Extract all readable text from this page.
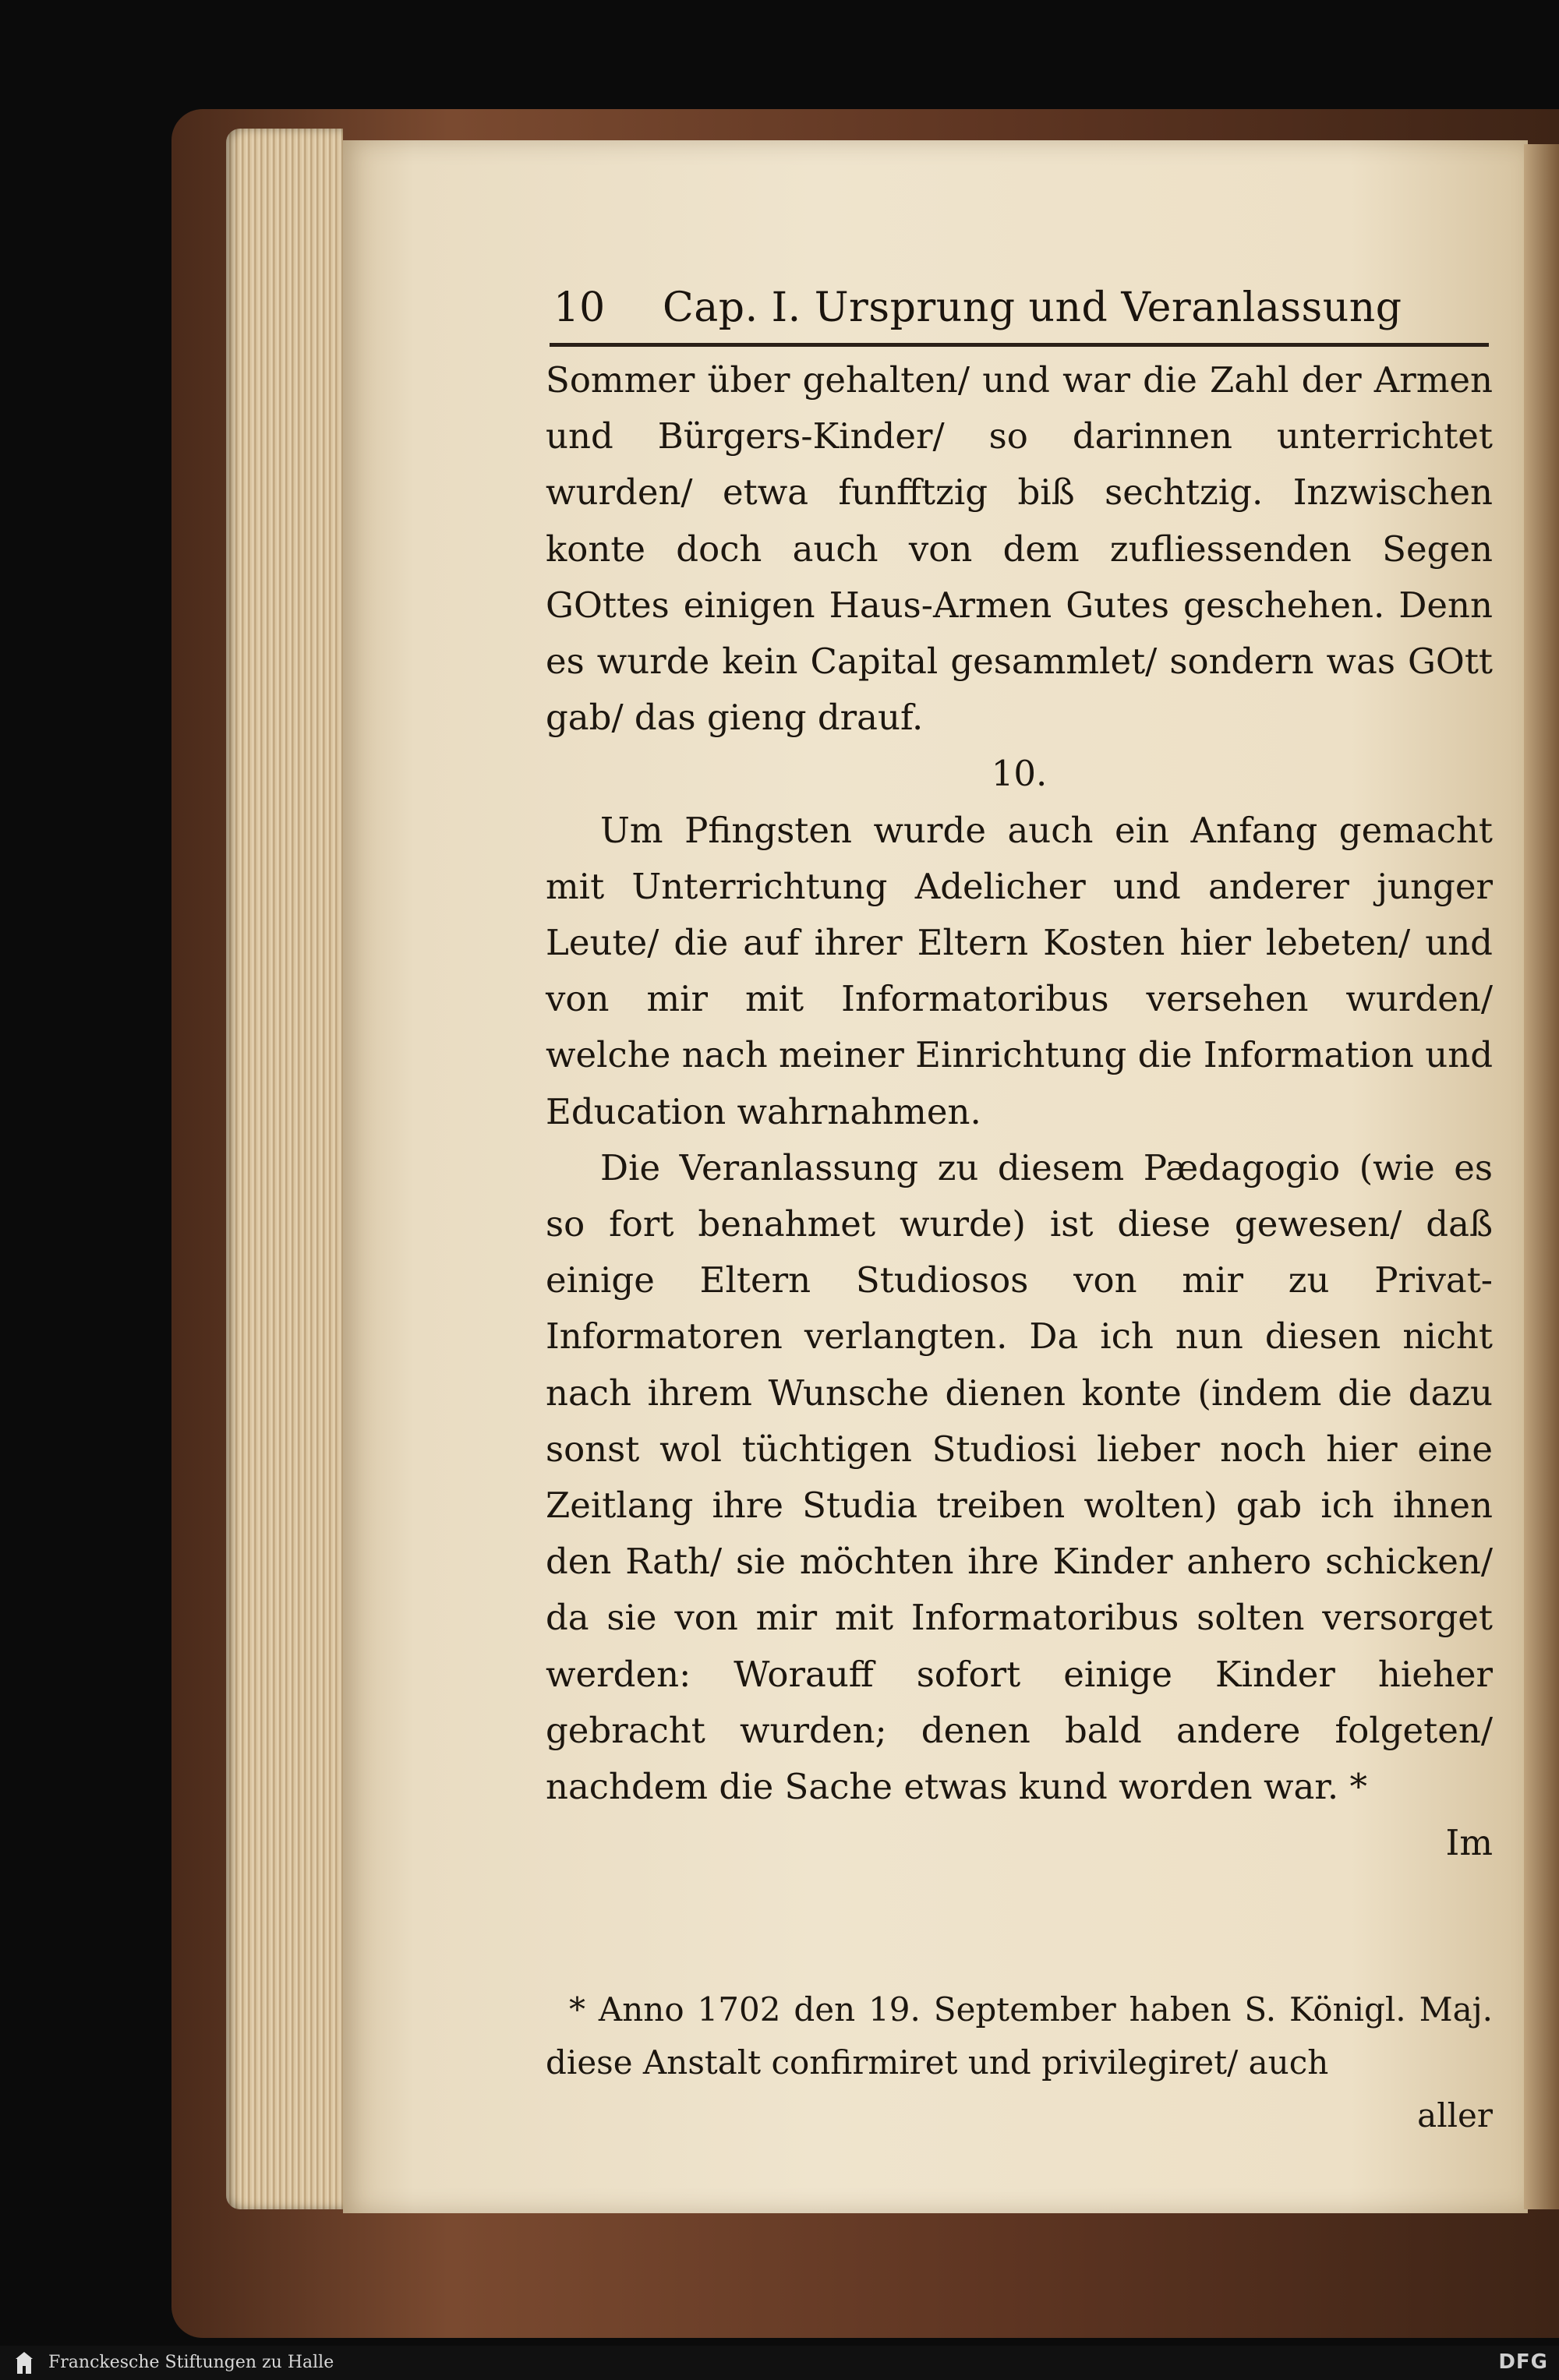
10 Cap. I. Ursprung und Veranlassung

Sommer über gehalten/ und war die Zahl der Armen und Bürgers-Kinder/ so darinnen unterrichtet wurden/ etwa funfftzig biß sechtzig. Inzwischen konte doch auch von dem zufliessenden Segen GOttes einigen Haus-Armen Gutes geschehen. Denn es wurde kein Capital gesammlet/ sondern was GOtt gab/ das gieng drauf.

10.

Um Pfingsten wurde auch ein Anfang gemacht mit Unterrichtung Adelicher und anderer junger Leute/ die auf ihrer Eltern Kosten hier lebeten/ und von mir mit Informatoribus versehen wurden/ welche nach meiner Einrichtung die Information und Education wahrnahmen.

Die Veranlassung zu diesem Pædagogio (wie es so fort benahmet wurde) ist diese gewesen/ daß einige Eltern Studiosos von mir zu Privat-Informatoren verlangten. Da ich nun diesen nicht nach ihrem Wunsche dienen konte (indem die dazu sonst wol tüchtigen Studiosi lieber noch hier eine Zeitlang ihre Studia treiben wolten) gab ich ihnen den Rath/ sie möchten ihre Kinder anhero schicken/ da sie von mir mit Informatoribus solten versorget werden: Worauff sofort einige Kinder hieher gebracht wurden; denen bald andere folgeten/ nachdem die Sache etwas kund worden war. *

Im

* Anno 1702 den 19. September haben S. Königl. Maj. diese Anstalt confirmiret und privilegiret/ auch

aller

Franckesche Stiftungen zu Halle	DFG
